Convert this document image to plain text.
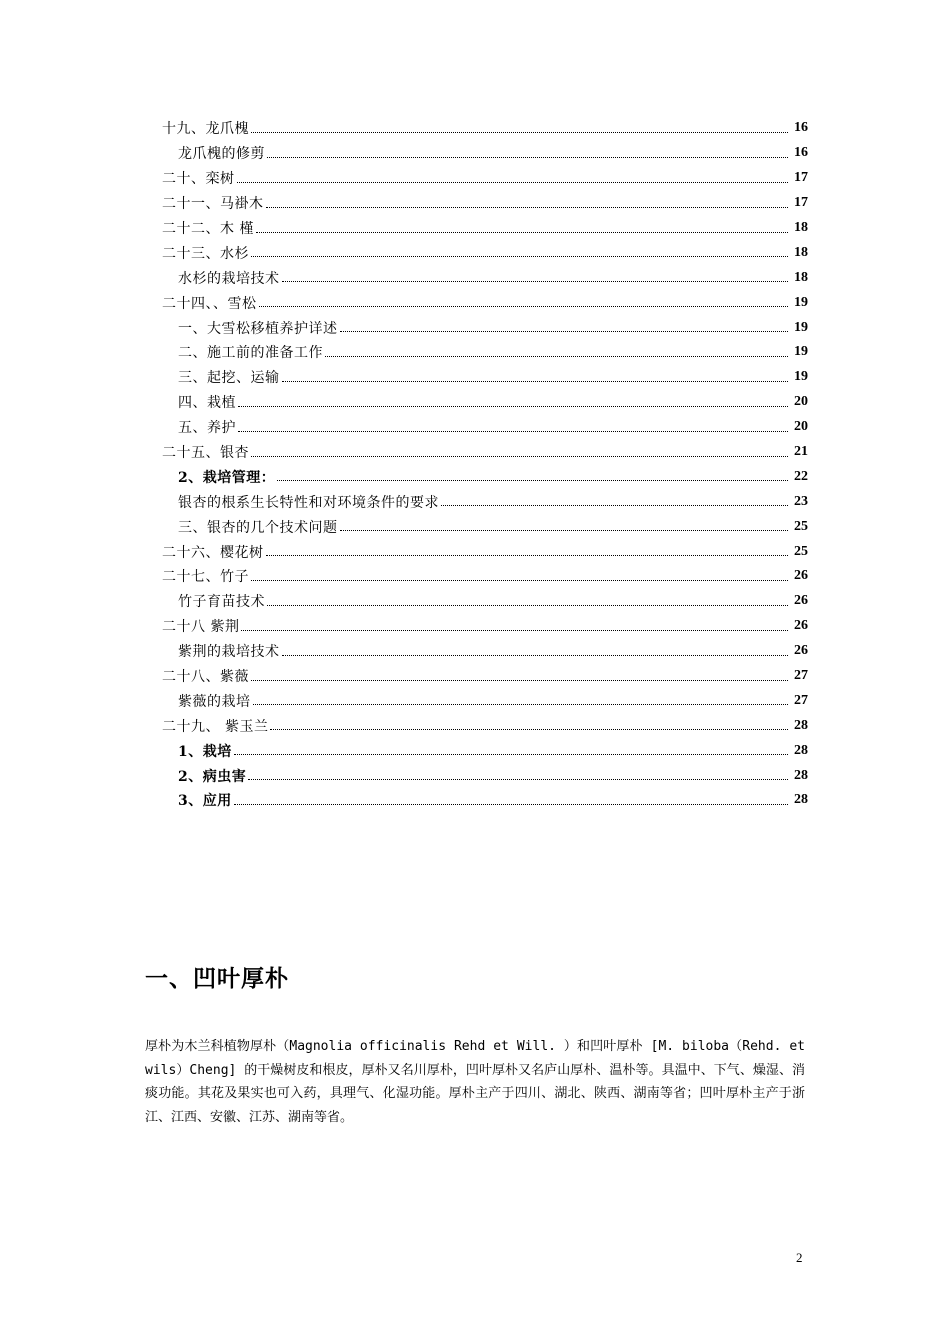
十九、龙爪槐	16
龙爪槐的修剪	16
二十、栾树	17
二十一、马褂木	17
二十二、木 槿	18
二十三、水杉	18
水杉的栽培技术	18
二十四、、雪松	19
一、大雪松移植养护详述	19
二、施工前的准备工作	19
三、起挖、运输	19
四、栽植	20
五、养护	20
二十五、银杏	21
2、栽培管理：	22
银杏的根系生长特性和对环境条件的要求	23
三、银杏的几个技术问题	25
二十六、樱花树	25
二十七、竹子	26
竹子育苗技术	26
二十八 紫荆	26
紫荆的栽培技术	26
二十八、紫薇	27
紫薇的栽培	27
二十九、 紫玉兰	28
1、栽培	28
2、病虫害	28
3、应用	28
一、凹叶厚朴

厚朴为木兰科植物厚朴（Magnolia officinalis Rehd et Will. ）和凹叶厚朴 [M. biloba（Rehd. et wils）Cheng] 的干燥树皮和根皮，厚朴又名川厚朴，凹叶厚朴又名庐山厚朴、温朴等。具温中、下气、燥湿、消痰功能。其花及果实也可入药，具理气、化湿功能。厚朴主产于四川、湖北、陕西、湖南等省；凹叶厚朴主产于浙江、江西、安徽、江苏、湖南等省。

2
